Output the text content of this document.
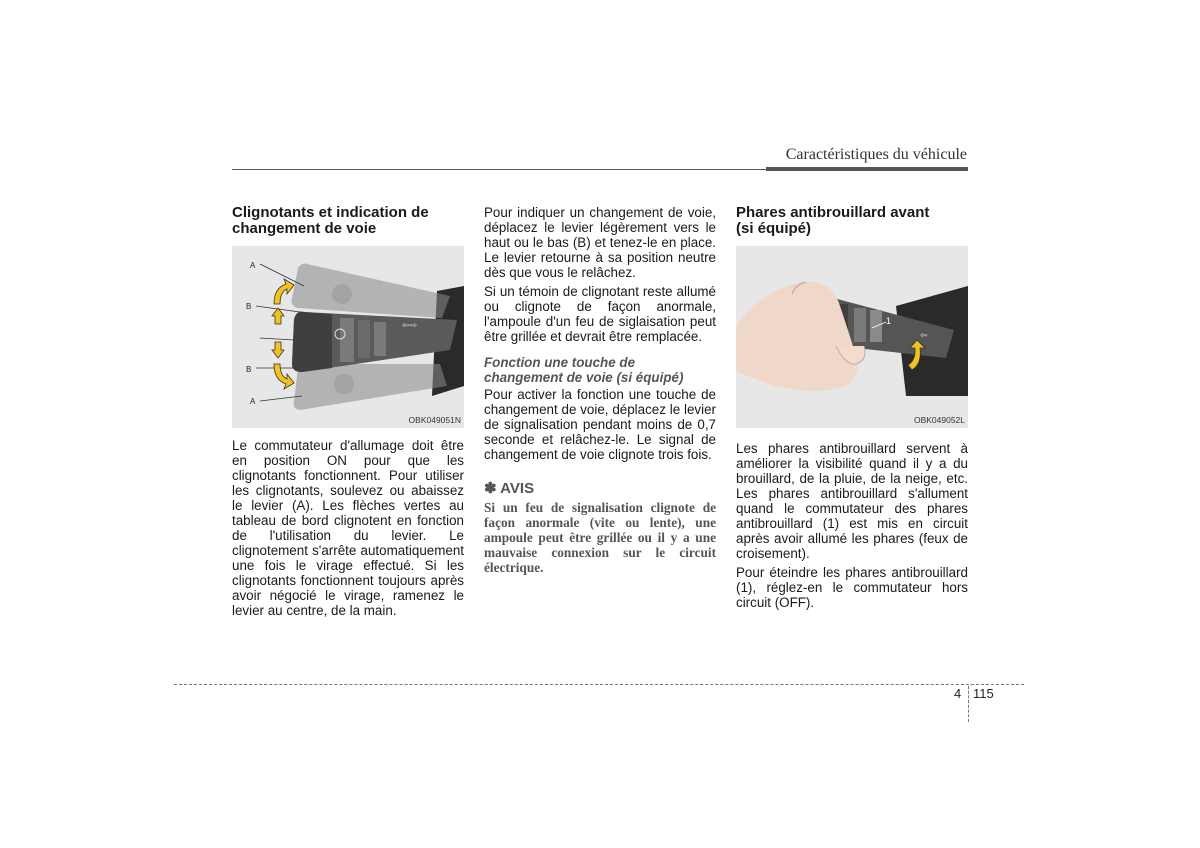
Caractéristiques du véhicule
Clignotants et indication de
changement de voie
⇦⇨
A
B
B
A
OBK049051N

Le commutateur d'allumage doit être en position ON pour que les clignotants fonctionnent. Pour utiliser les clignotants, soulevez ou abaissez le levier (A). Les flèches vertes au tableau de bord clignotent en fonction de l'utilisation du levier. Le clignotement s'arrête automatiquement une fois le virage effectué. Si les clignotants fonctionnent toujours après avoir négocié le virage, ramenez le levier au centre, de la main.

Pour indiquer un changement de voie, déplacez le levier légèrement vers le haut ou le bas (B) et tenez-le en place. Le levier retourne à sa position neutre dès que vous le relâchez.

Si un témoin de clignotant reste allumé ou clignote de façon anormale, l'ampoule d'un feu de siglaisation peut être grillée et devrait être remplacée.

Fonction une touche de
changement de voie (si équipé)

Pour activer la fonction une touche de changement de voie, déplacez le levier de signalisation pendant moins de 0,7 seconde et relâchez-le. Le signal de changement de voie clignote trois fois.

✽ AVIS

Si un feu de signalisation clignote de façon anormale (vite ou lente), une ampoule peut être grillée ou il y a une mauvaise connexion sur le circuit électrique.

Phares antibrouillard avant
(si équipé)
⇦
1
OBK049052L

Les phares antibrouillard servent à améliorer la visibilité quand il y a du brouillard, de la pluie, de la neige, etc. Les phares antibrouillard s'allument quand le commutateur des phares antibrouillard (1) est mis en circuit après avoir allumé les phares (feux de croisement).

Pour éteindre les phares antibrouillard (1), réglez-en le commutateur hors circuit (OFF).

4 115
